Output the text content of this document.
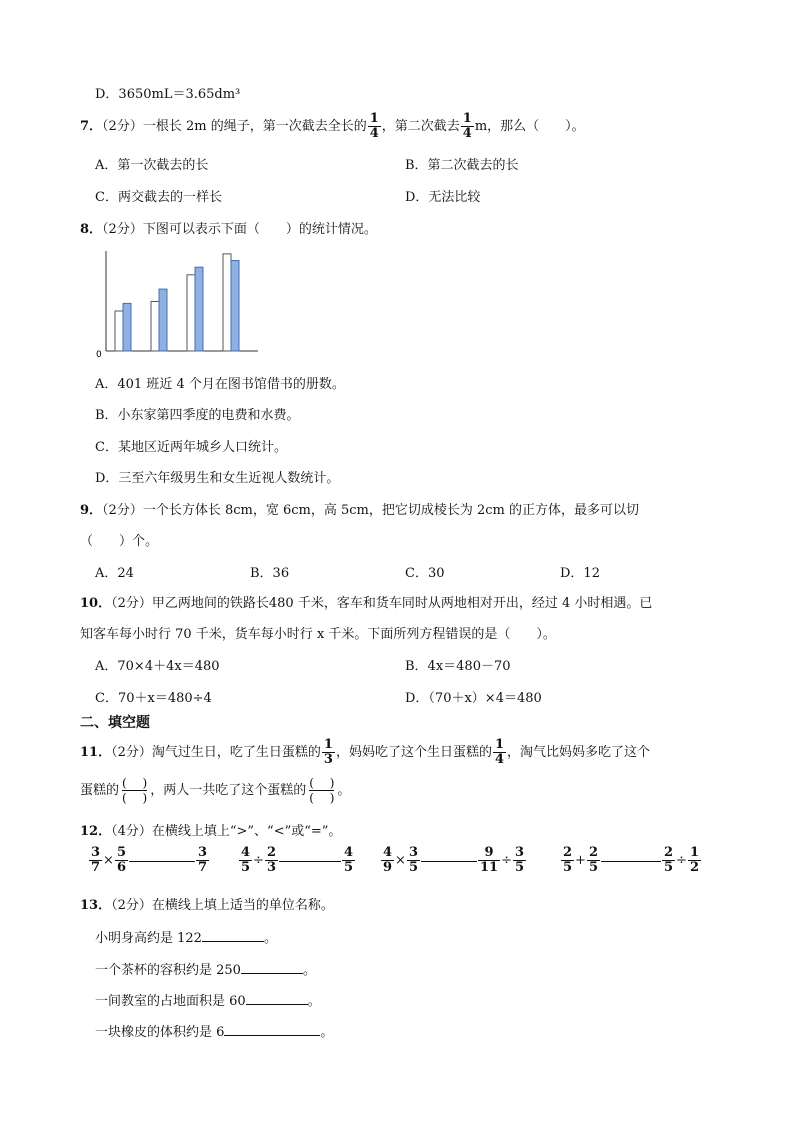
D．3650mL＝3.65dm³
7．（2分）一根长 2m 的绳子，第一次截去全长的 $\frac{1}{4}$ ，第二次截去 $\frac{1}{4}$ m，那么（　　）。
A．第一次截去的长	B．第二次截去的长
C．两交截去的一样长	D．无法比较
8．（2分）下图可以表示下面（　　）的统计情况。
0
A．401 班近 4 个月在图书馆借书的册数。
B．小东家第四季度的电费和水费。
C．某地区近两年城乡人口统计。
D．三至六年级男生和女生近视人数统计。
9．（2分）一个长方体长 8cm，宽 6cm，高 5cm，把它切成棱长为 2cm 的正方体，最多可以切
（　　）个。
A．24	B．36	C．30	D．12
10．（2分）甲乙两地间的铁路长480 千米，客车和货车同时从两地相对开出，经过 4 小时相遇。已
知客车每小时行 70 千米，货车每小时行 x 千米。下面所列方程错误的是（　　）。
A．70×4＋4x＝480	B．4x＝480－70
C．70＋x＝480÷4	D．（70＋x）×4＝480
二、填空题
11．（2分）淘气过生日，吃了生日蛋糕的 $\frac{1}{3}$ ，妈妈吃了这个生日蛋糕的 $\frac{1}{4}$ ，淘气比妈妈多吃了这个
蛋糕的 $\frac{( )}{( )}$ ，两人一共吃了这个蛋糕的 $\frac{( )}{( )}$ 。
12．（4分）在横线上填上“>”、“<”或“=”。
$\frac{3}{7} \times \frac{5}{6}$	$\frac{3}{7} \frac{4}{5} \div \frac{2}{3}$	$\frac{4}{5} \frac{4}{9} \times \frac{3}{5}$	$\frac{9}{11} \div \frac{3}{5}$	$\frac{2}{5} + \frac{2}{5}$	$\frac{2}{5} \div \frac{1}{2}$
13．（2分）在横线上填上适当的单位名称。
小明身高约是 122	。
一个茶杯的容积约是 250	。
一间教室的占地面积是 60	。
一块橡皮的体积约是 6	。
